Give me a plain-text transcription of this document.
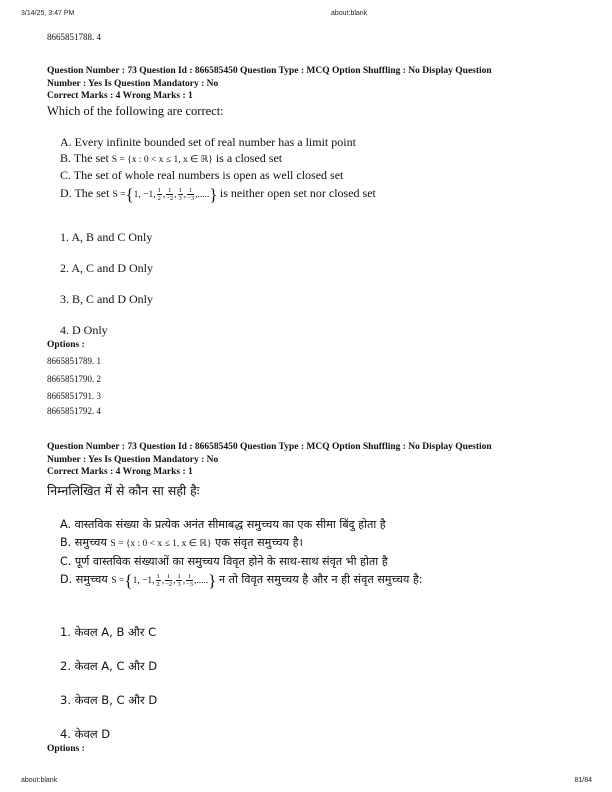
3/14/25, 3:47 PM	about:blank
about:blank	81/84
8665851788. 4
Question Number : 73 Question Id : 866585450 Question Type : MCQ Option Shuffling : No Display Question
Number : Yes Is Question Mandatory : No
Correct Marks : 4 Wrong Marks : 1
Which of the following are correct:
A. Every infinite bounded set of real number has a limit point
B. The set S = {x : 0 < x ≤ 1, x ∈ ℝ} is a closed set
C. The set of whole real numbers is open as well closed set
D. The set S ={1, −1, $\frac{1}{2}$ , $\frac{1}{-2}$ , $\frac{1}{3}$ , $\frac{1}{-3}$ ,.....} is neither open set nor closed set
1. A, B and C Only
2. A, C and D Only
3. B, C and D Only
4. D Only
Options :
8665851789. 1
8665851790. 2
8665851791. 3
8665851792. 4
Question Number : 73 Question Id : 866585450 Question Type : MCQ Option Shuffling : No Display Question
Number : Yes Is Question Mandatory : No
Correct Marks : 4 Wrong Marks : 1
निम्नलिखित में से कौन सा सही हैः
A. वास्तविक संख्या के प्रत्येक अनंत सीमाबद्ध समुच्चय का एक सीमा बिंदु होता है
B. समुच्चय S = {x : 0 < x ≤ 1, x ∈ ℝ} एक संवृत समुच्चय है।
C. पूर्ण वास्तविक संख्याओं का समुच्चय विवृत होने के साथ-साथ संवृत भी होता है
D. समुच्चय S ={1, −1, $\frac{1}{2}$ , $\frac{1}{-2}$ , $\frac{1}{3}$ , $\frac{1}{-3}$ ,.....} न तो विवृत समुच्चय है और न ही संवृत समुच्चय है:
1. केवल A, B और C
2. केवल A, C और D
3. केवल B, C और D
4. केवल D
Options :
